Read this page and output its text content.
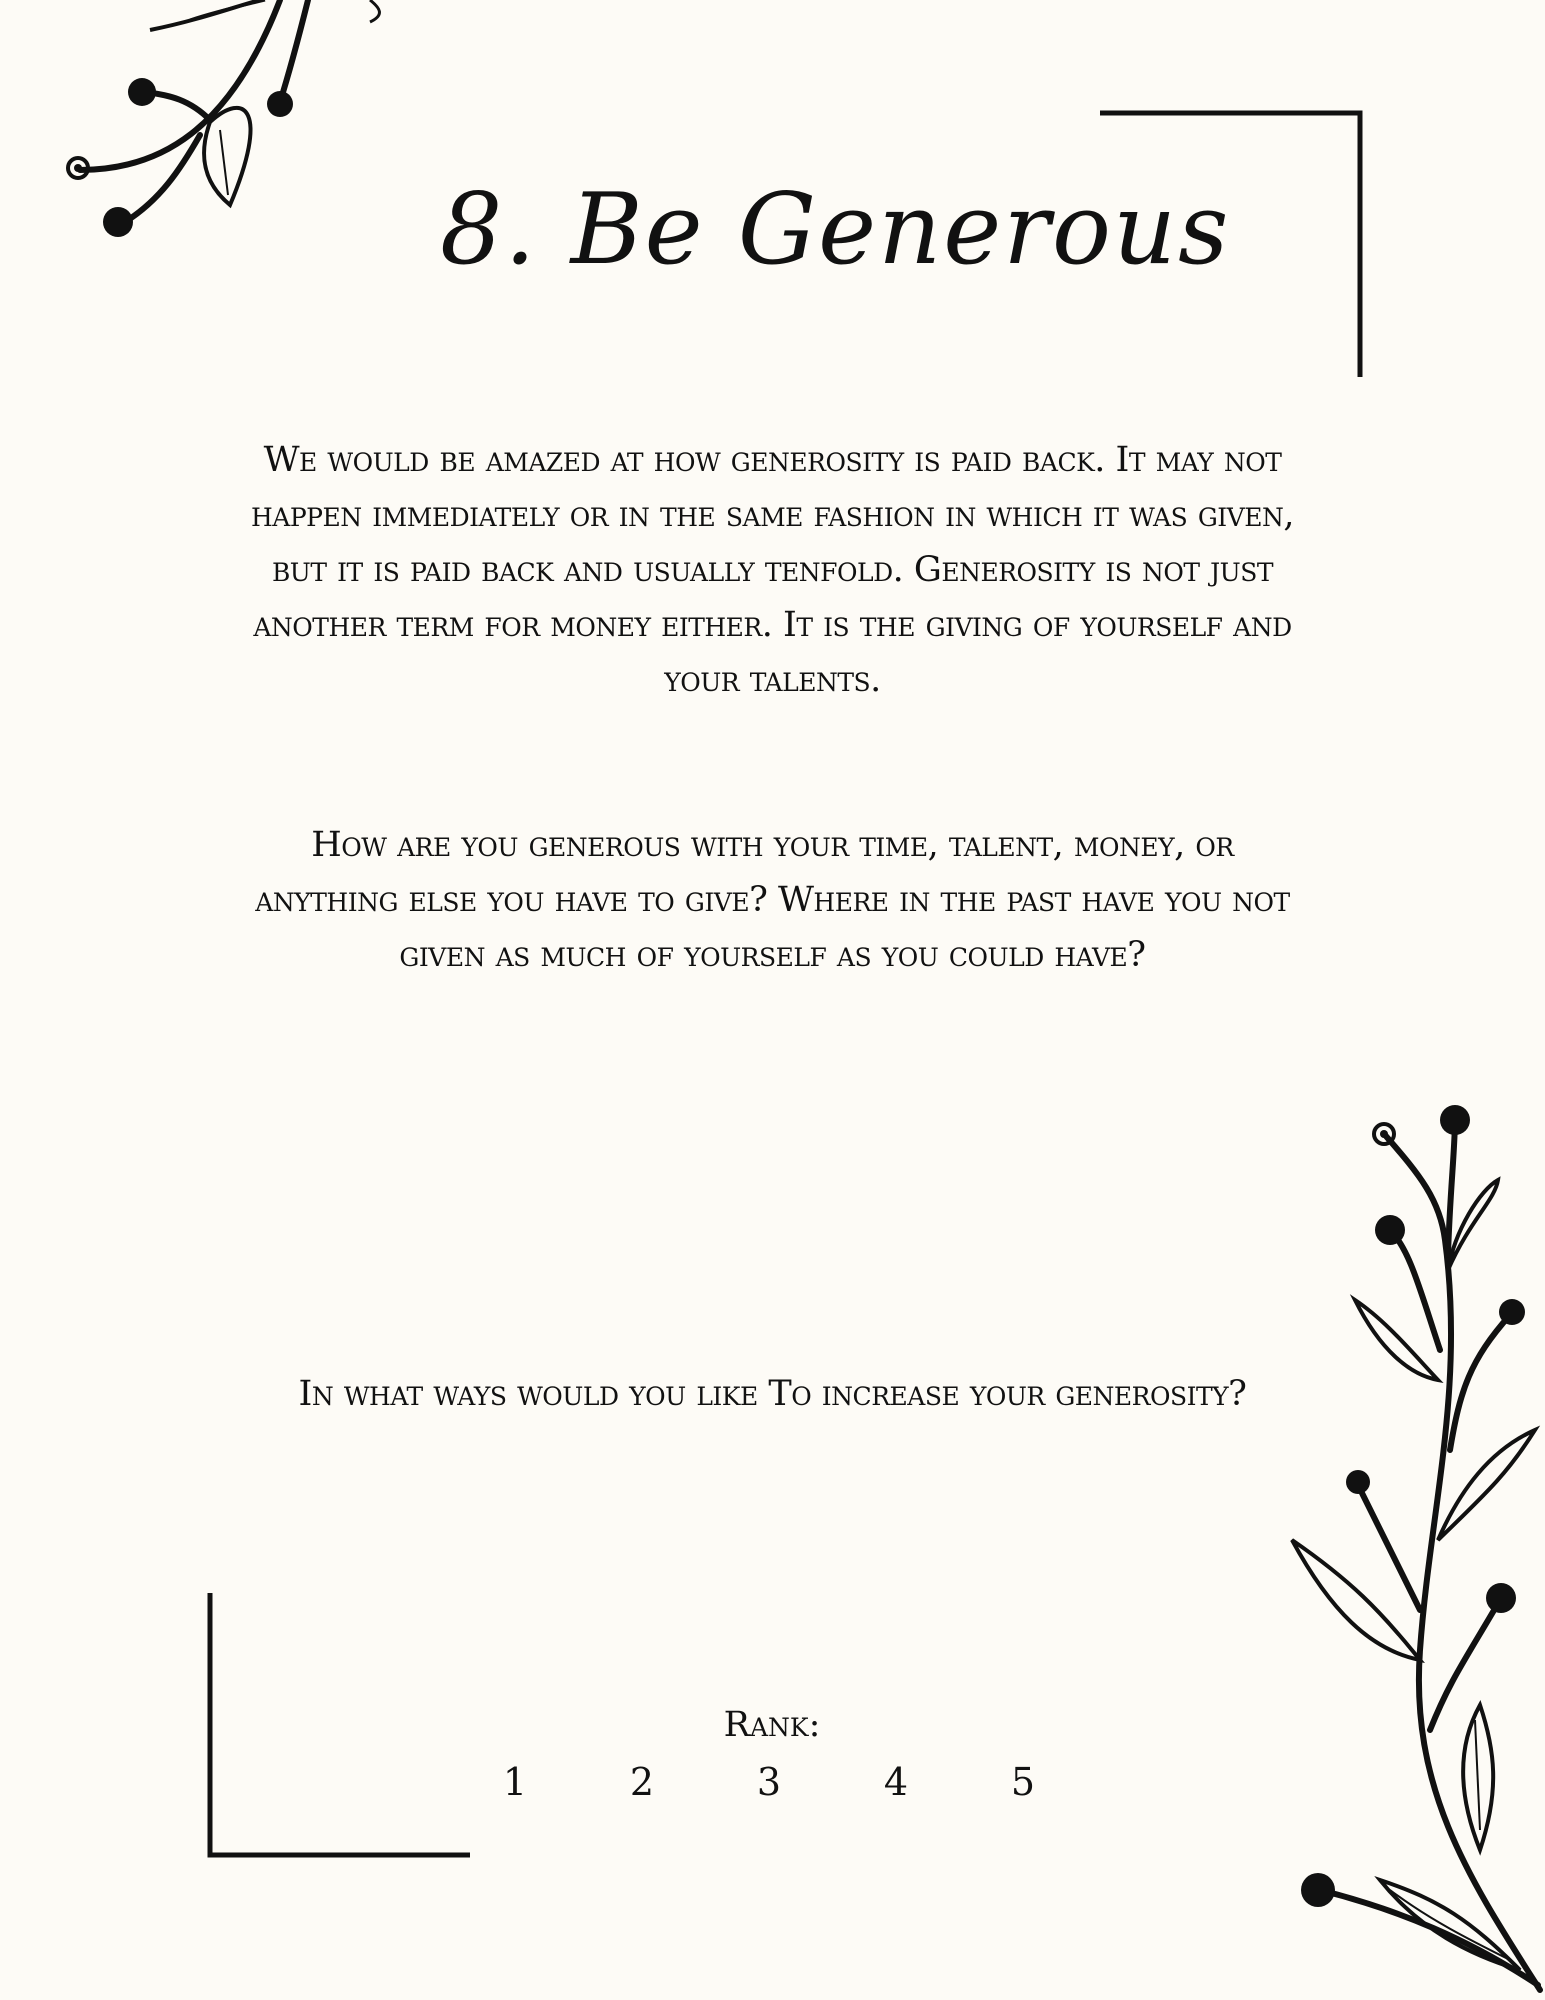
8. Be Generous

We would be amazed at how generosity is paid back. It may not happen immediately or in the same fashion in which it was given, but it is paid back and usually tenfold. Generosity is not just another term for money either. It is the giving of yourself and your talents.

How are you generous with your time, talent, money, or anything else you have to give? Where in the past have you not given as much of yourself as you could have?

In what ways would you like To increase your generosity?

Rank:

1	2	3	4	5
